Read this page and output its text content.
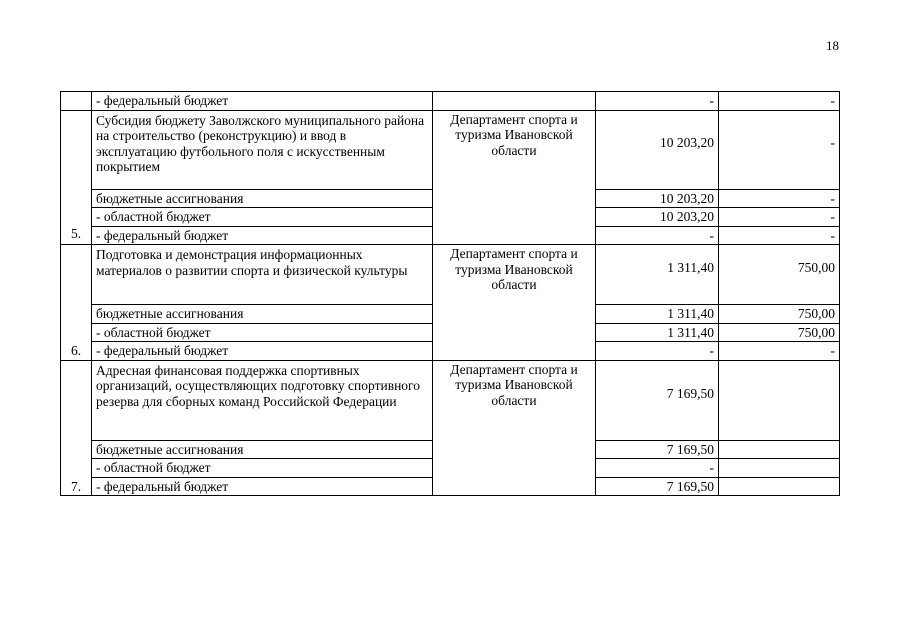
18
	- федеральный бюджет		-	-
5.	Субсидия бюджету Заволжского муниципального района на строительство (реконструкцию) и ввод в эксплуатацию футбольного поля с искусственным покрытием	Департамент спорта и туризма Ивановской области	10 203,20	-
	бюджетные ассигнования		10 203,20	-
	- областной бюджет		10 203,20	-
	- федеральный бюджет		-	-
6.	Подготовка и демонстрация информационных материалов о развитии спорта и физической культуры	Департамент спорта и туризма Ивановской области	1 311,40	750,00
	бюджетные ассигнования		1 311,40	750,00
	- областной бюджет		1 311,40	750,00
	- федеральный бюджет		-	-
7.	Адресная финансовая поддержка спортивных организаций, осуществляющих подготовку спортивного резерва для сборных команд Российской Федерации	Департамент спорта и туризма Ивановской области	7 169,50	
	бюджетные ассигнования		7 169,50	
	- областной бюджет		-	
	- федеральный бюджет		7 169,50	
